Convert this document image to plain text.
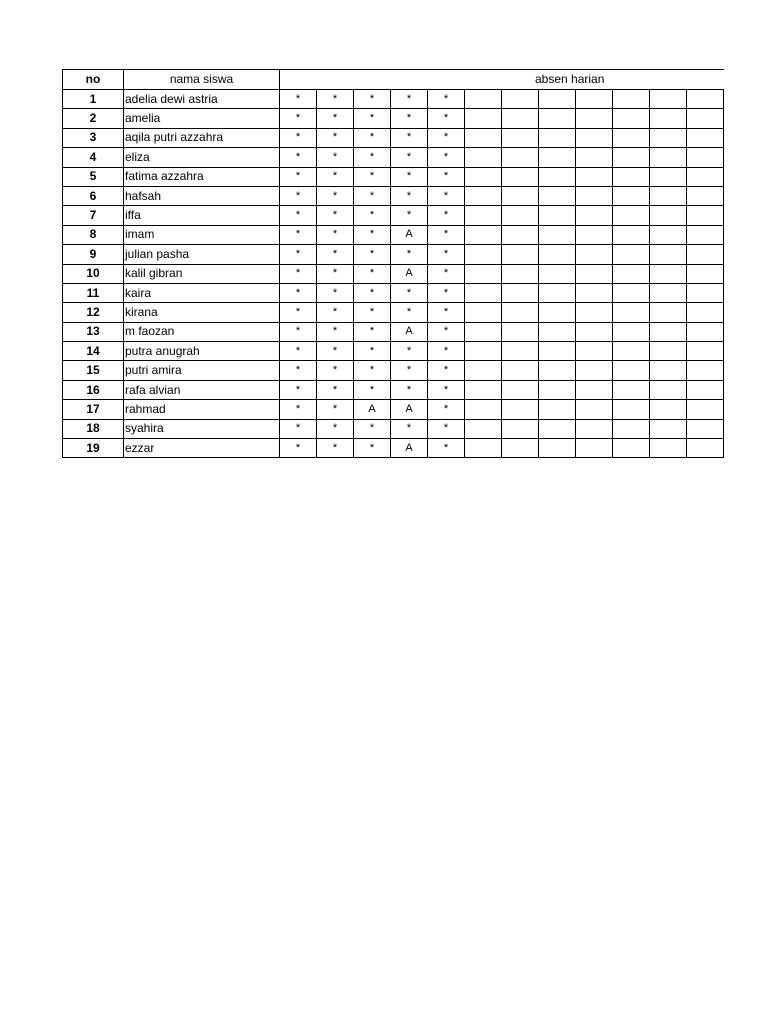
no	nama siswa	absen harian											
1	adelia dewi astria	*	*	*	*	*							
2	amelia	*	*	*	*	*							
3	aqila putri azzahra	*	*	*	*	*							
4	eliza	*	*	*	*	*							
5	fatima azzahra	*	*	*	*	*							
6	hafsah	*	*	*	*	*							
7	iffa	*	*	*	*	*							
8	imam	*	*	*	A	*							
9	julian pasha	*	*	*	*	*							
10	kalil gibran	*	*	*	A	*							
11	kaira	*	*	*	*	*							
12	kirana	*	*	*	*	*							
13	m faozan	*	*	*	A	*							
14	putra anugrah	*	*	*	*	*							
15	putri amira	*	*	*	*	*							
16	rafa alvian	*	*	*	*	*							
17	rahmad	*	*	A	A	*							
18	syahira	*	*	*	*	*							
19	ezzar	*	*	*	A	*							
